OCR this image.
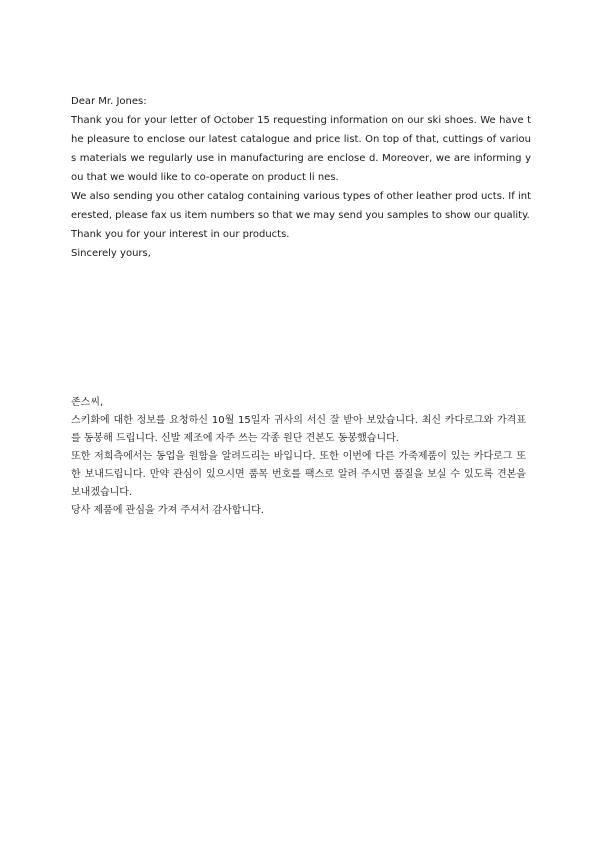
Dear Mr. Jones:

Thank you for your letter of October 15 requesting information on our ski shoes. We have the pleasure to enclose our latest catalogue and price list. On top of that, cuttings of various materials we regularly use in manufacturing are enclose d. Moreover, we are informing you that we would like to co-operate on product li nes.

We also sending you other catalog containing various types of other leather prod ucts. If interested, please fax us item numbers so that we may send you samples to show our quality.

Thank you for your interest in our products.

Sincerely yours,

존스씨,

스키화에 대한 정보를 요청하신 10월 15일자 귀사의 서신 잘 받아 보았습니다. 최신 카다로그와 가격표를 동봉해 드립니다. 신발 제조에 자주 쓰는 각종 원단 견본도 동봉했습니다.

또한 저희측에서는 동업을 원함을 알려드리는 바입니다. 또한 이번에 다른 가죽제품이 있는 카다로그 또한 보내드립니다. 만약 관심이 있으시면 품목 번호를 팩스로 알려 주시면 품질을 보실 수 있도록 견본을 보내겠습니다.

당사 제품에 관심을 가져 주셔서 감사합니다.
